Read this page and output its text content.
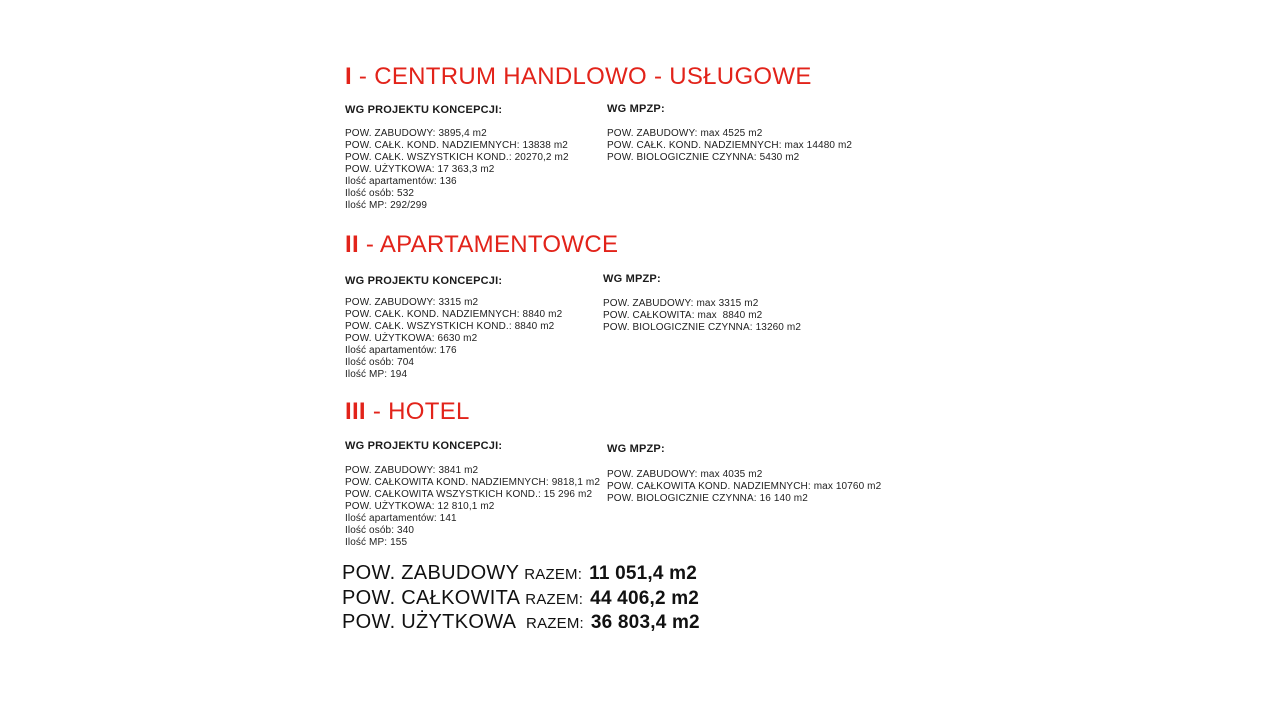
I - CENTRUM HANDLOWO - USŁUGOWE
WG PROJEKTU KONCEPCJI:
POW. ZABUDOWY: 3895,4 m2
POW. CAŁK. KOND. NADZIEMNYCH: 13838 m2
POW. CAŁK. WSZYSTKICH KOND.: 20270,2 m2
POW. UŻYTKOWA: 17 363,3 m2
Ilość apartamentów: 136
Ilość osób: 532
Ilość MP: 292/299
WG MPZP:
POW. ZABUDOWY: max 4525 m2
POW. CAŁK. KOND. NADZIEMNYCH: max 14480 m2
POW. BIOLOGICZNIE CZYNNA: 5430 m2
II - APARTAMENTOWCE
WG PROJEKTU KONCEPCJI:
POW. ZABUDOWY: 3315 m2
POW. CAŁK. KOND. NADZIEMNYCH: 8840 m2
POW. CAŁK. WSZYSTKICH KOND.: 8840 m2
POW. UŻYTKOWA: 6630 m2
Ilość apartamentów: 176
Ilość osób: 704
Ilość MP: 194
WG MPZP:
POW. ZABUDOWY: max 3315 m2
POW. CAŁKOWITA: max  8840 m2
POW. BIOLOGICZNIE CZYNNA: 13260 m2
III - HOTEL
WG PROJEKTU KONCEPCJI:
POW. ZABUDOWY: 3841 m2
POW. CAŁKOWITA KOND. NADZIEMNYCH: 9818,1 m2
POW. CAŁKOWITA WSZYSTKICH KOND.: 15 296 m2
POW. UŻYTKOWA: 12 810,1 m2
Ilość apartamentów: 141
Ilość osób: 340
Ilość MP: 155
WG MPZP:
POW. ZABUDOWY: max 4035 m2
POW. CAŁKOWITA KOND. NADZIEMNYCH: max 10760 m2
POW. BIOLOGICZNIE CZYNNA: 16 140 m2
POW. ZABUDOWY RAZEM: 11 051,4 m2
POW. CAŁKOWITA RAZEM: 44 406,2 m2
POW. UŻYTKOWA RAZEM: 36 803,4 m2
